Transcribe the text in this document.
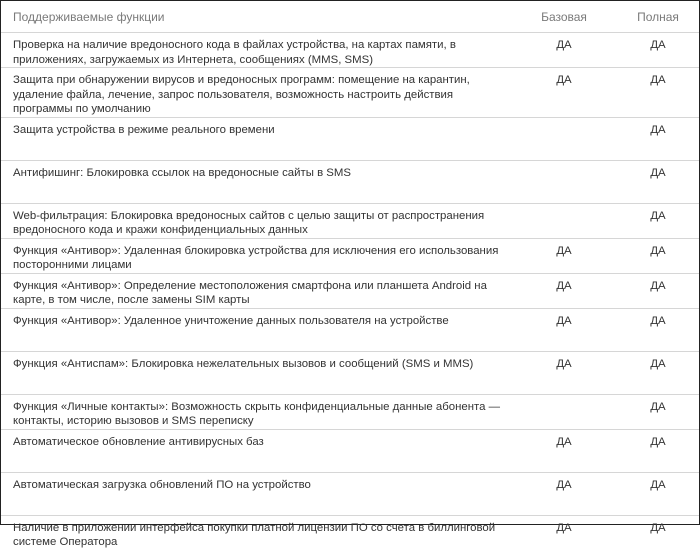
Поддерживаемые функции	Базовая	Полная
Проверка на наличие вредоносного кода в файлах устройства, на картах памяти, в приложениях, загружаемых из Интернета, сообщениях (MMS, SMS)	ДА	ДА
Защита при обнаружении вирусов и вредоносных программ: помещение на карантин, удаление файла, лечение, запрос пользователя, возможность настроить действия программы по умолчанию	ДА	ДА
Защита устройства в режиме реального времени		ДА
Антифишинг: Блокировка ссылок на вредоносные сайты в SMS		ДА
Web-фильтрация: Блокировка вредоносных сайтов с целью защиты от распространения вредоносного кода и кражи конфиденциальных данных		ДА
Функция «Антивор»: Удаленная блокировка устройства для исключения его использования посторонними лицами	ДА	ДА
Функция «Антивор»: Определение местоположения смартфона или планшета Android на карте, в том числе, после замены SIM карты	ДА	ДА
Функция «Антивор»: Удаленное уничтожение данных пользователя на устройстве	ДА	ДА
Функция «Антиспам»: Блокировка нежелательных вызовов и сообщений (SMS и MMS)	ДА	ДА
Функция «Личные контакты»: Возможность скрыть конфиденциальные данные абонента — контакты, историю вызовов и SMS переписку		ДА
Автоматическое обновление антивирусных баз	ДА	ДА
Автоматическая загрузка обновлений ПО на устройство	ДА	ДА
Наличие в приложении интерфейса покупки платной лицензии ПО со счета в биллинговой системе Оператора	ДА	ДА
